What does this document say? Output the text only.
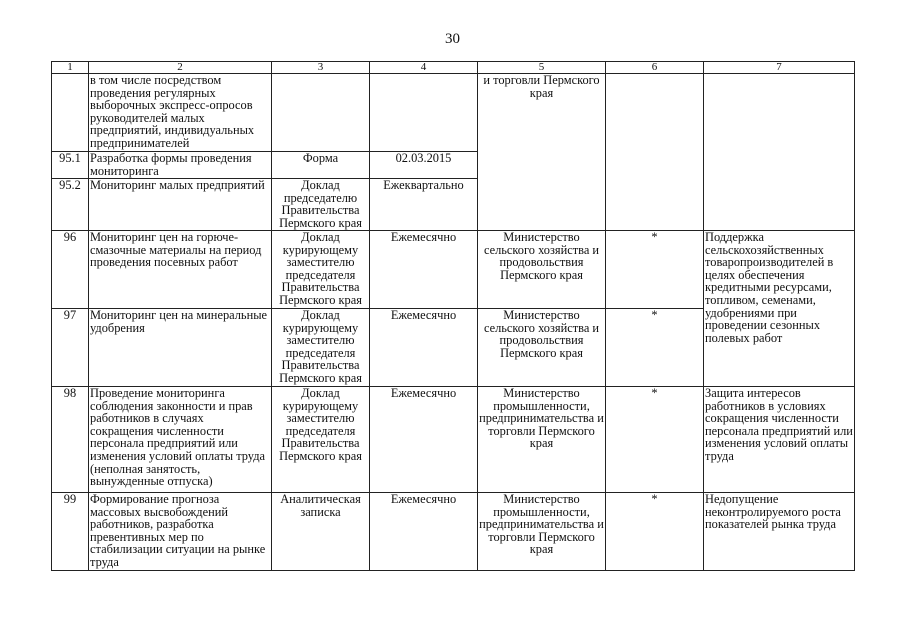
30
1	2	3	4	5	6	7
	в том числе посредством проведения регулярных выборочных экспресс-опросов руководителей малых предприятий, индивидуальных предпринимателей			и торговли Пермского края		
95.1	Разработка формы проведения мониторинга	Форма	02.03.2015			
95.2	Мониторинг малых предприятий	Доклад председателю Правительства Пермского края	Ежеквартально			
96	Мониторинг цен на горюче-смазочные материалы на период проведения посевных работ	Доклад курирующему заместителю председателя Правительства Пермского края	Ежемесячно	Министерство сельского хозяйства и продовольствия Пермского края	*	Поддержка сельскохозяйственных товаропроизводителей в целях обеспечения кредитными ресурсами, топливом, семенами, удобрениями при проведении сезонных полевых работ
97	Мониторинг цен на минеральные удобрения	Доклад курирующему заместителю председателя Правительства Пермского края	Ежемесячно	Министерство сельского хозяйства и продовольствия Пермского края	*	
98	Проведение мониторинга соблюдения законности и прав работников в случаях сокращения численности персонала предприятий или изменения условий оплаты труда (неполная занятость, вынужденные отпуска)	Доклад курирующему заместителю председателя Правительства Пермского края	Ежемесячно	Министерство промышленности, предпринимательства и торговли Пермского края	*	Защита интересов работников в условиях сокращения численности персонала предприятий или изменения условий оплаты труда
99	Формирование прогноза массовых высвобождений работников, разработка превентивных мер по стабилизации ситуации на рынке труда	Аналитическая записка	Ежемесячно	Министерство промышленности, предпринимательства и торговли Пермского края	*	Недопущение неконтролируемого роста показателей рынка труда
